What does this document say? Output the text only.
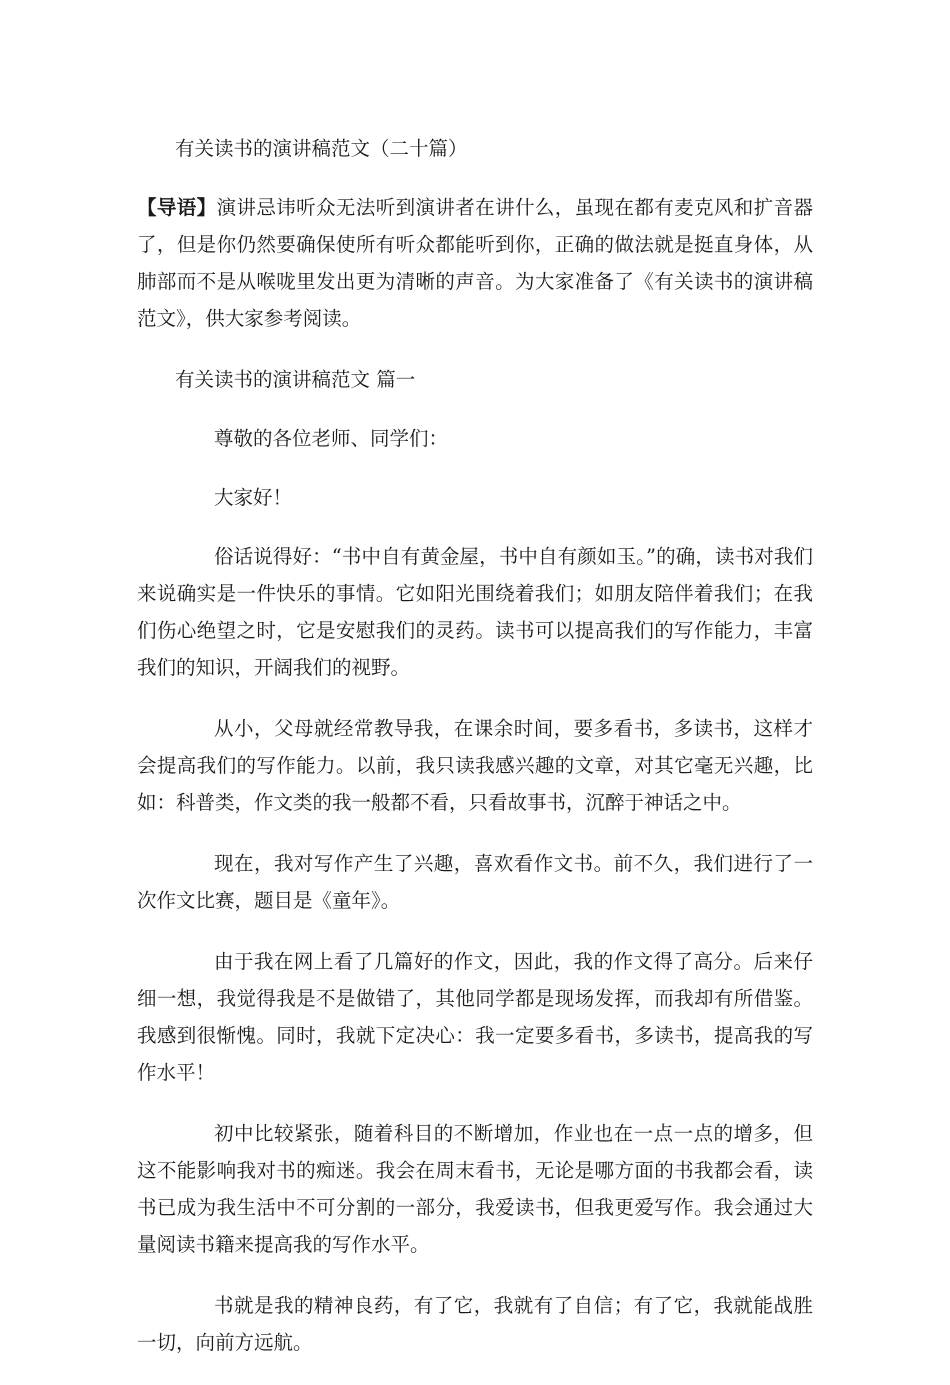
有关读书的演讲稿范文（二十篇）

【导语】演讲忌讳听众无法听到演讲者在讲什么，虽现在都有麦克风和扩音器了，但是你仍然要确保使所有听众都能听到你，正确的做法就是挺直身体，从肺部而不是从喉咙里发出更为清晰的声音。为大家准备了《有关读书的演讲稿范文》，供大家参考阅读。

有关读书的演讲稿范文 篇一

尊敬的各位老师、同学们：

大家好！

俗话说得好：“书中自有黄金屋，书中自有颜如玉。”的确，读书对我们来说确实是一件快乐的事情。它如阳光围绕着我们；如朋友陪伴着我们；在我们伤心绝望之时，它是安慰我们的灵药。读书可以提高我们的写作能力，丰富我们的知识，开阔我们的视野。

从小，父母就经常教导我，在课余时间，要多看书，多读书，这样才会提高我们的写作能力。以前，我只读我感兴趣的文章，对其它毫无兴趣，比如：科普类，作文类的我一般都不看，只看故事书，沉醉于神话之中。

现在，我对写作产生了兴趣，喜欢看作文书。前不久，我们进行了一次作文比赛，题目是《童年》。

由于我在网上看了几篇好的作文，因此，我的作文得了高分。后来仔细一想，我觉得我是不是做错了，其他同学都是现场发挥，而我却有所借鉴。我感到很惭愧。同时，我就下定决心：我一定要多看书，多读书，提高我的写作水平！

初中比较紧张，随着科目的不断增加，作业也在一点一点的增多，但这不能影响我对书的痴迷。我会在周末看书，无论是哪方面的书我都会看，读书已成为我生活中不可分割的一部分，我爱读书，但我更爱写作。我会通过大量阅读书籍来提高我的写作水平。

书就是我的精神良药，有了它，我就有了自信；有了它，我就能战胜一切，向前方远航。
